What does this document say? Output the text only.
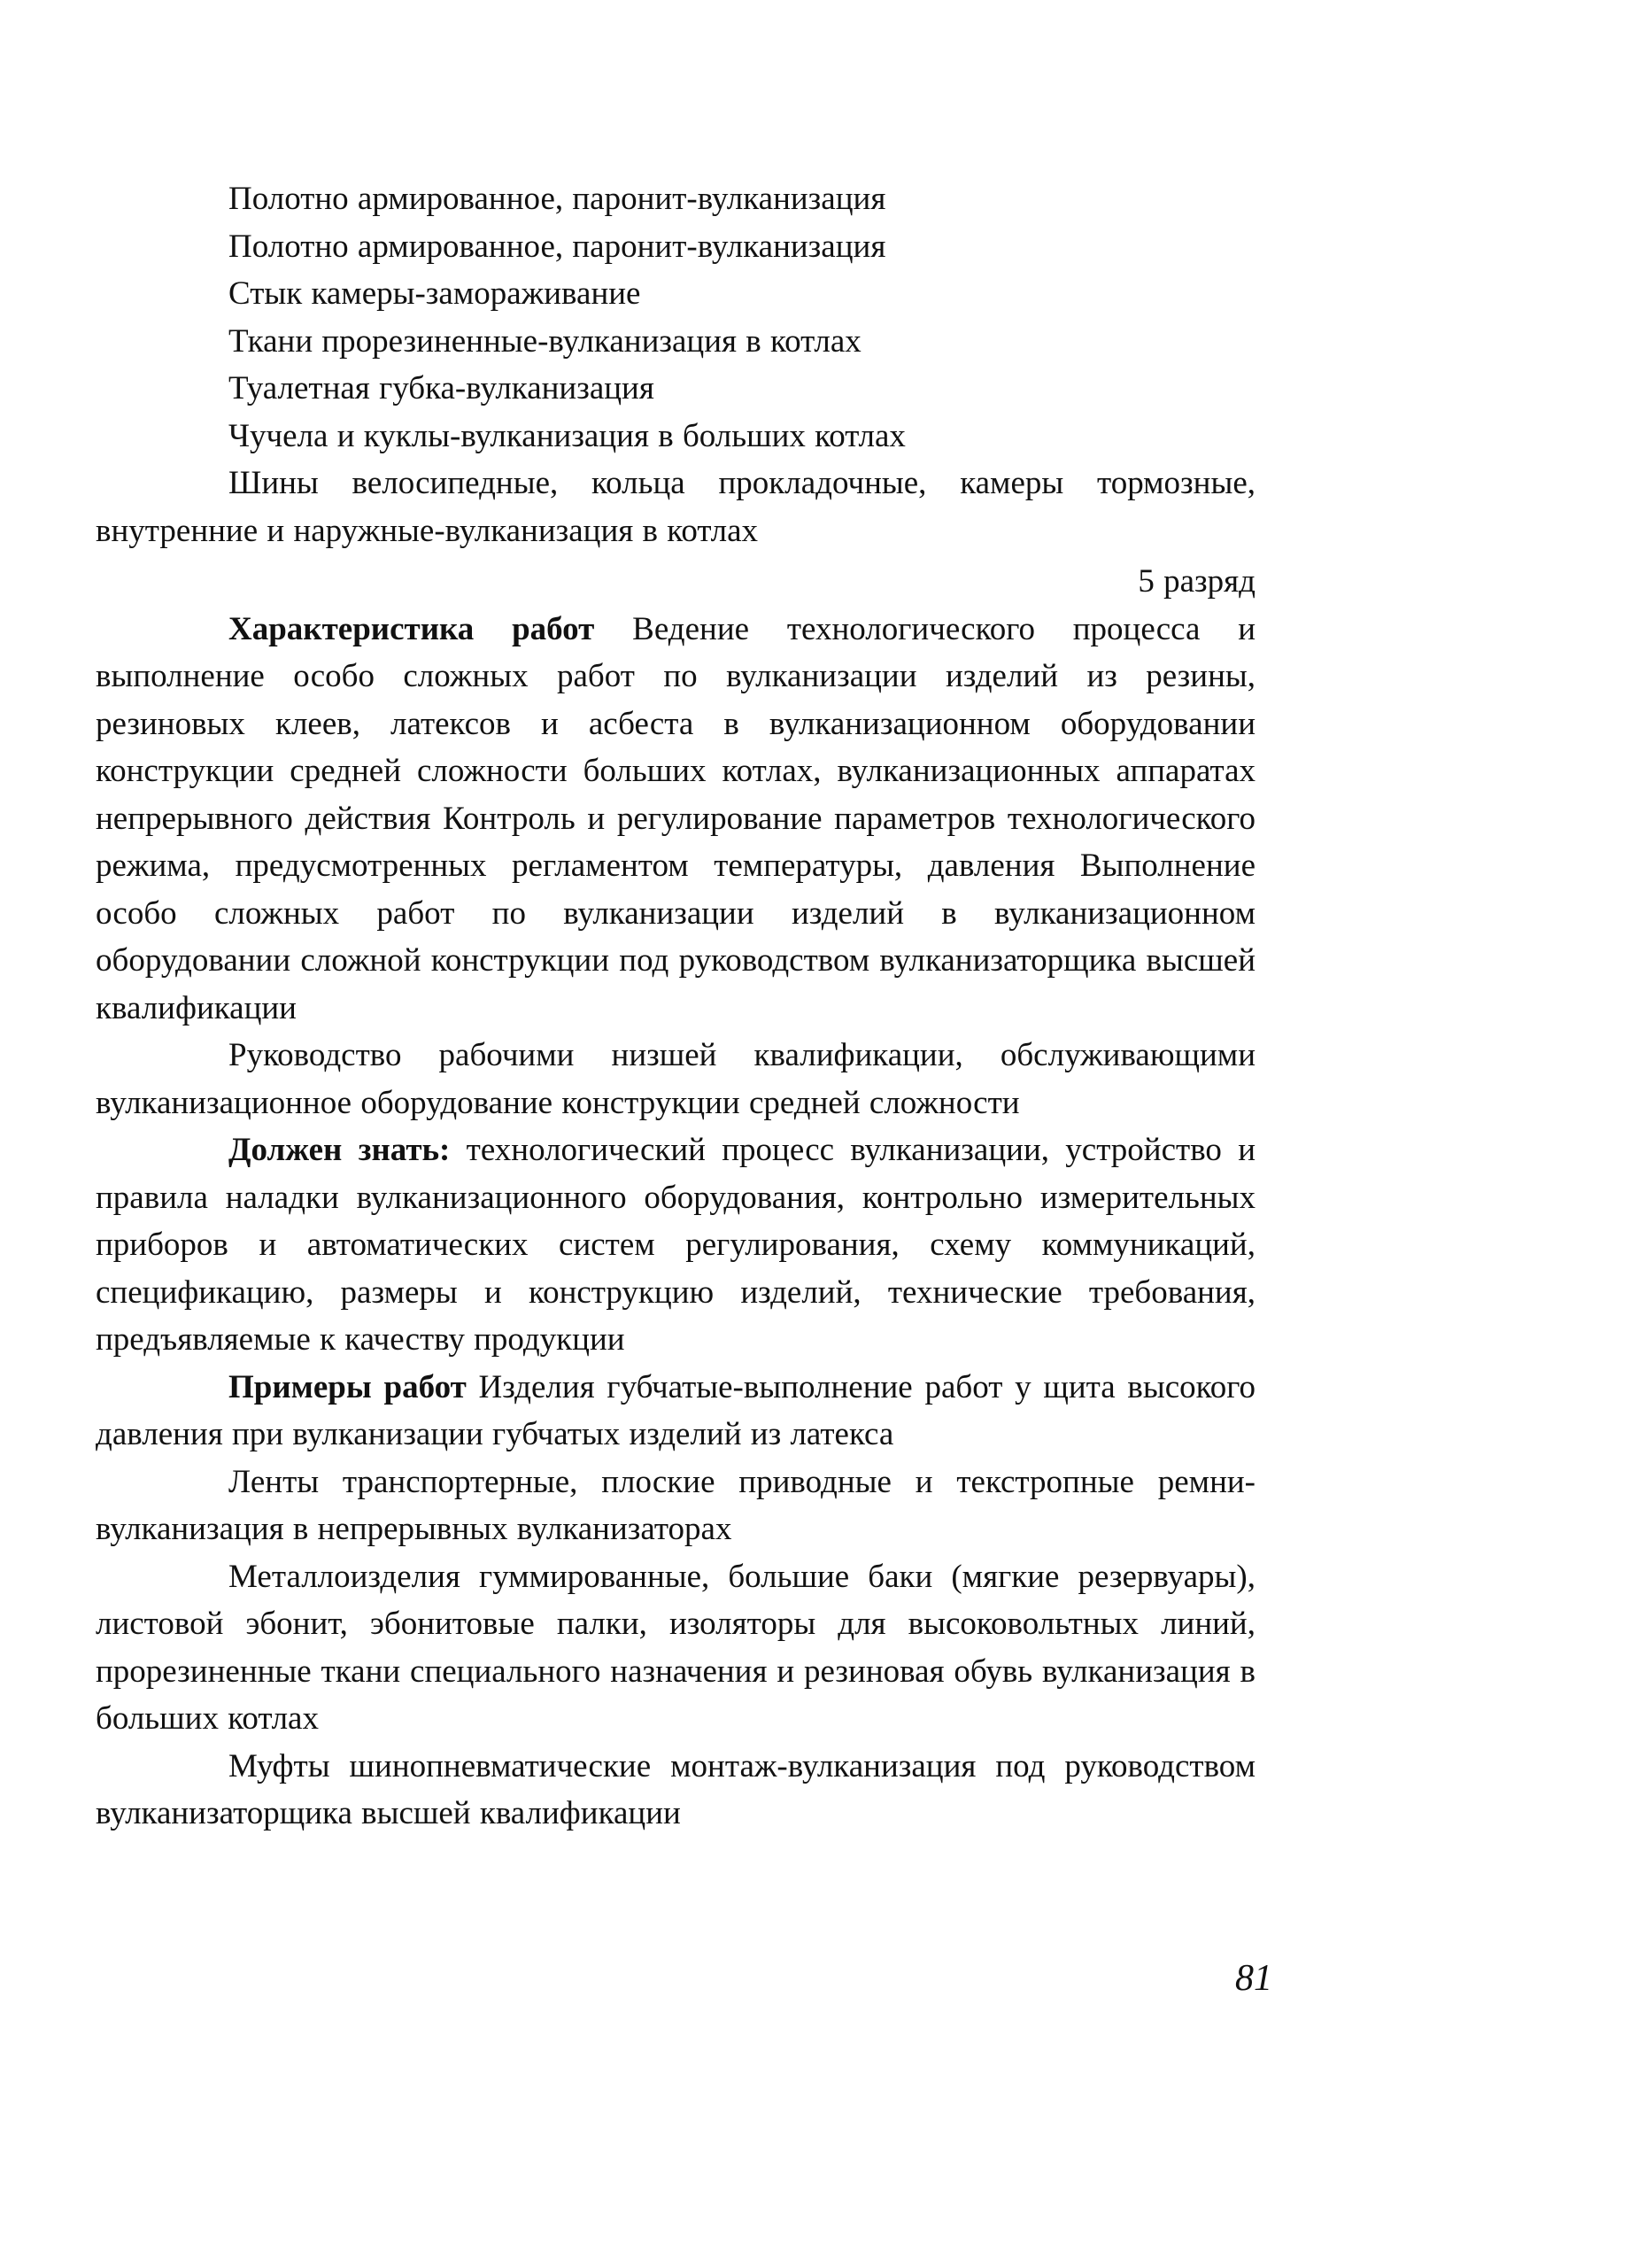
Полотно армированное, паронит-вулканизация

Полотно армированное, паронит-вулканизация

Стык камеры-замораживание

Ткани прорезиненные-вулканизация в котлах

Туалетная губка-вулканизация

Чучела и куклы-вулканизация в больших котлах

Шины велосипедные, кольца прокладочные, камеры тормозные, внутренние и наружные-вулканизация в котлах

5 разряд

Характеристика работ Ведение технологического процесса и выполнение особо сложных работ по вулканизации изделий из резины, резиновых клеев, латексов и асбеста в вулканизационном оборудовании конструкции средней сложности больших котлах, вулканизационных аппаратах непрерывного действия Контроль и регулирование параметров технологического режима, предусмотренных регламентом температуры, давления Выполнение особо сложных работ по вулканизации изделий в вулканизационном оборудовании сложной конструкции под руководством вулканизаторщика высшей квалификации

Руководство рабочими низшей квалификации, обслуживающими вулканизационное оборудование конструкции средней сложности

Должен знать: технологический процесс вулканизации, устройство и правила наладки вулканизационного оборудования, контрольно измерительных приборов и автоматических систем регулирования, схему коммуникаций, спецификацию, размеры и конструкцию изделий, технические требования, предъявляемые к качеству продукции

Примеры работ Изделия губчатые-выполнение работ у щита высокого давления при вулканизации губчатых изделий из латекса

Ленты транспортерные, плоские приводные и текстропные ремни-вулканизация в непрерывных вулканизаторах

Металлоизделия гуммированные, большие баки (мягкие резервуары), листовой эбонит, эбонитовые палки, изоляторы для высоковольтных линий, прорезиненные ткани специального назначения и резиновая обувь вулканизация в больших котлах

Муфты шинопневматические монтаж-вулканизация под руководством вулканизаторщика высшей квалификации

81
